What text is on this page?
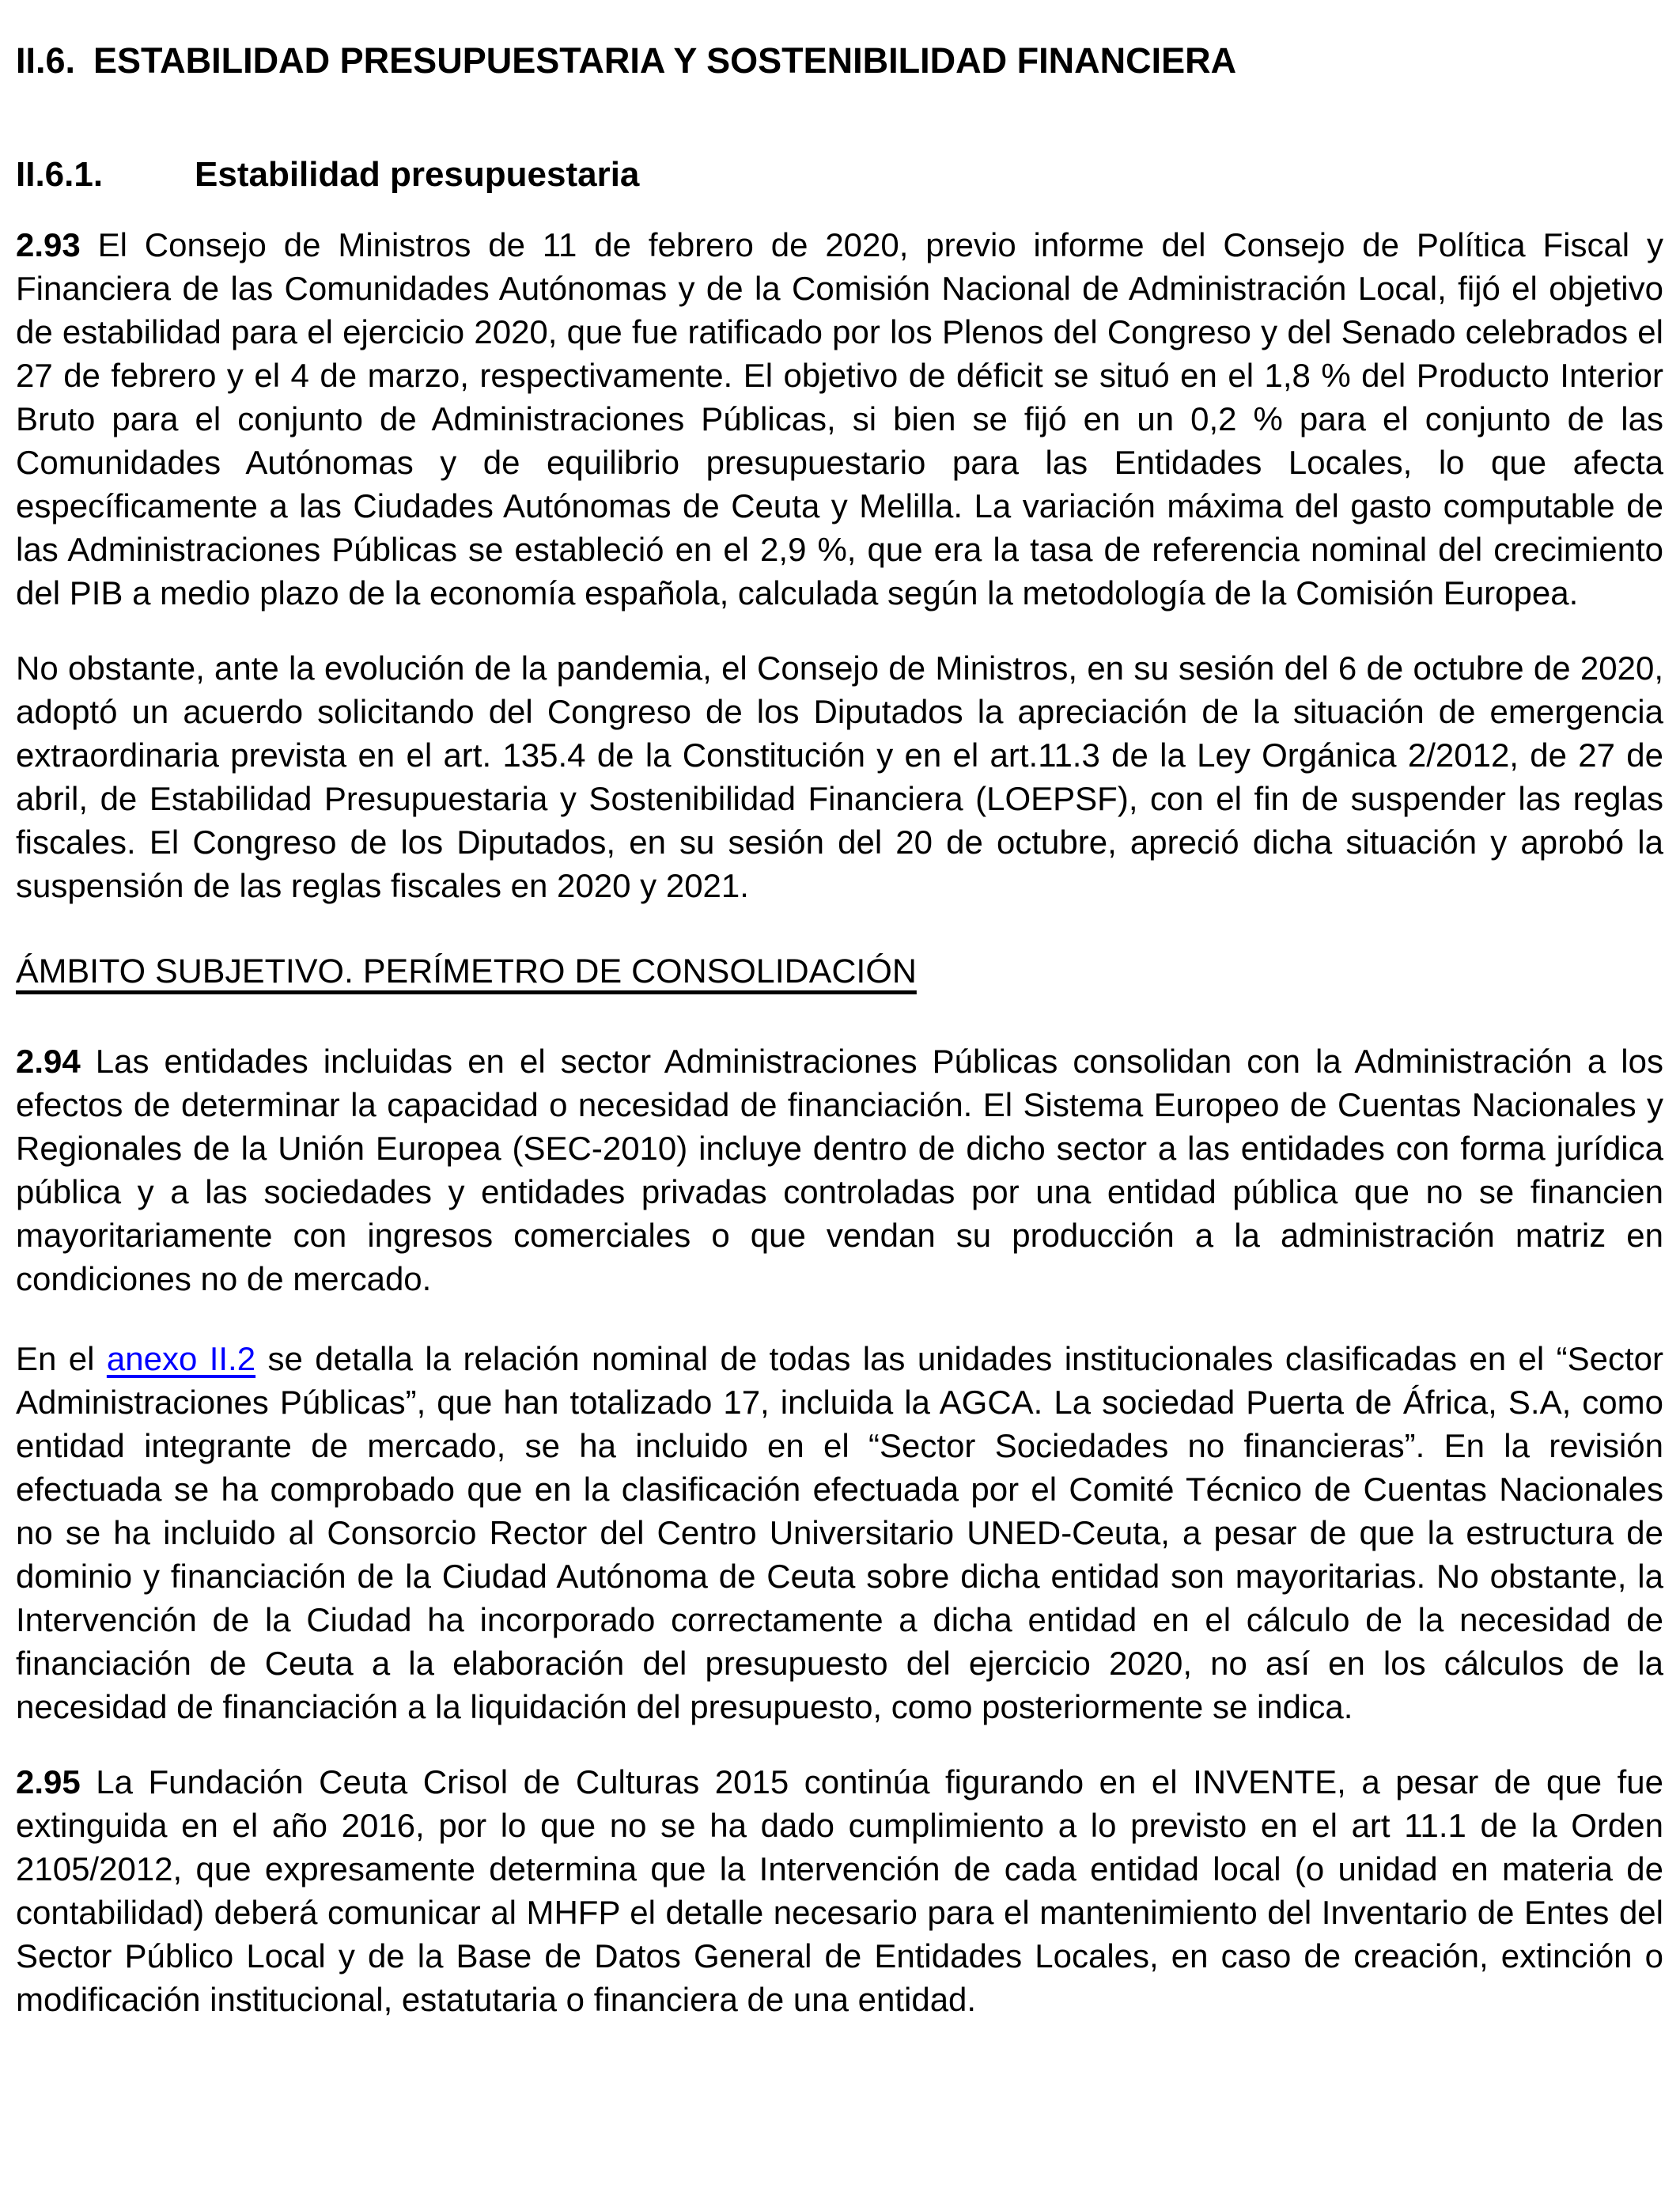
II.6. ESTABILIDAD PRESUPUESTARIA Y SOSTENIBILIDAD FINANCIERA
II.6.1.	Estabilidad presupuestaria

2.93 El Consejo de Ministros de 11 de febrero de 2020, previo informe del Consejo de Política Fiscal y Financiera de las Comunidades Autónomas y de la Comisión Nacional de Administración Local, fijó el objetivo de estabilidad para el ejercicio 2020, que fue ratificado por los Plenos del Congreso y del Senado celebrados el 27 de febrero y el 4 de marzo, respectivamente. El objetivo de déficit se situó en el 1,8 % del Producto Interior Bruto para el conjunto de Administraciones Públicas, si bien se fijó en un 0,2 % para el conjunto de las Comunidades Autónomas y de equilibrio presupuestario para las Entidades Locales, lo que afecta específicamente a las Ciudades Autónomas de Ceuta y Melilla. La variación máxima del gasto computable de las Administraciones Públicas se estableció en el 2,9 %, que era la tasa de referencia nominal del crecimiento del PIB a medio plazo de la economía española, calculada según la metodología de la Comisión Europea.

No obstante, ante la evolución de la pandemia, el Consejo de Ministros, en su sesión del 6 de octubre de 2020, adoptó un acuerdo solicitando del Congreso de los Diputados la apreciación de la situación de emergencia extraordinaria prevista en el art. 135.4 de la Constitución y en el art.11.3 de la Ley Orgánica 2/2012, de 27 de abril, de Estabilidad Presupuestaria y Sostenibilidad Financiera (LOEPSF), con el fin de suspender las reglas fiscales. El Congreso de los Diputados, en su sesión del 20 de octubre, apreció dicha situación y aprobó la suspensión de las reglas fiscales en 2020 y 2021.

ÁMBITO SUBJETIVO. PERÍMETRO DE CONSOLIDACIÓN

2.94 Las entidades incluidas en el sector Administraciones Públicas consolidan con la Administración a los efectos de determinar la capacidad o necesidad de financiación. El Sistema Europeo de Cuentas Nacionales y Regionales de la Unión Europea (SEC-2010) incluye dentro de dicho sector a las entidades con forma jurídica pública y a las sociedades y entidades privadas controladas por una entidad pública que no se financien mayoritariamente con ingresos comerciales o que vendan su producción a la administración matriz en condiciones no de mercado.

En el anexo II.2 se detalla la relación nominal de todas las unidades institucionales clasificadas en el “Sector Administraciones Públicas”, que han totalizado 17, incluida la AGCA. La sociedad Puerta de África, S.A, como entidad integrante de mercado, se ha incluido en el “Sector Sociedades no financieras”. En la revisión efectuada se ha comprobado que en la clasificación efectuada por el Comité Técnico de Cuentas Nacionales no se ha incluido al Consorcio Rector del Centro Universitario UNED-Ceuta, a pesar de que la estructura de dominio y financiación de la Ciudad Autónoma de Ceuta sobre dicha entidad son mayoritarias. No obstante, la Intervención de la Ciudad ha incorporado correctamente a dicha entidad en el cálculo de la necesidad de financiación de Ceuta a la elaboración del presupuesto del ejercicio 2020, no así en los cálculos de la necesidad de financiación a la liquidación del presupuesto, como posteriormente se indica.

2.95 La Fundación Ceuta Crisol de Culturas 2015 continúa figurando en el INVENTE, a pesar de que fue extinguida en el año 2016, por lo que no se ha dado cumplimiento a lo previsto en el art 11.1 de la Orden 2105/2012, que expresamente determina que la Intervención de cada entidad local (o unidad en materia de contabilidad) deberá comunicar al MHFP el detalle necesario para el mantenimiento del Inventario de Entes del Sector Público Local y de la Base de Datos General de Entidades Locales, en caso de creación, extinción o modificación institucional, estatutaria o financiera de una entidad.
